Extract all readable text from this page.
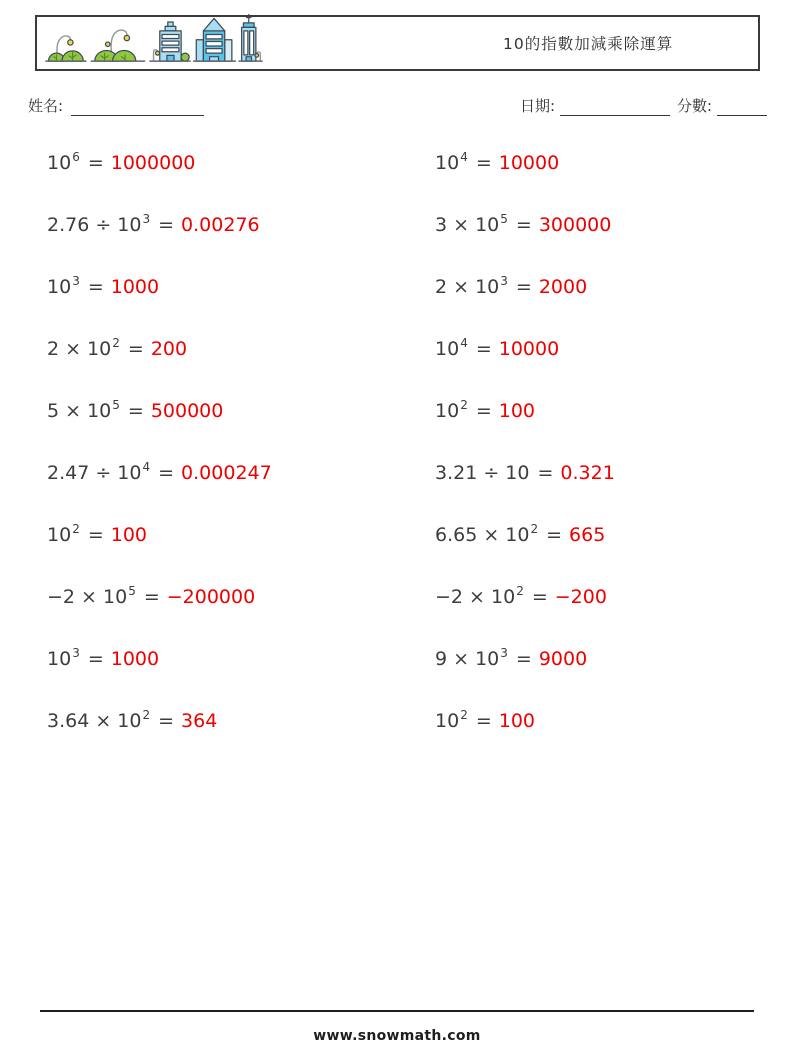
10的指數加減乘除運算
姓名:	日期:	分數:
$10^6 = 1000000$
$2.76 \div 10^3 = 0.00276$
$10^3 = 1000$
$2 \times 10^2 = 200$
$5 \times 10^5 = 500000$
$2.47 \div 10^4 = 0.000247$
$10^2 = 100$
$-2 \times 10^5 = -200000$
$10^3 = 1000$
$3.64 \times 10^2 = 364$
$10^4 = 10000$
$3 \times 10^5 = 300000$
$2 \times 10^3 = 2000$
$10^4 = 10000$
$10^2 = 100$
3.21 ÷ 10 = 0.321
$6.65 \times 10^2 = 665$
$-2 \times 10^2 = -200$
$9 \times 10^3 = 9000$
$10^2 = 100$
www.snowmath.com
